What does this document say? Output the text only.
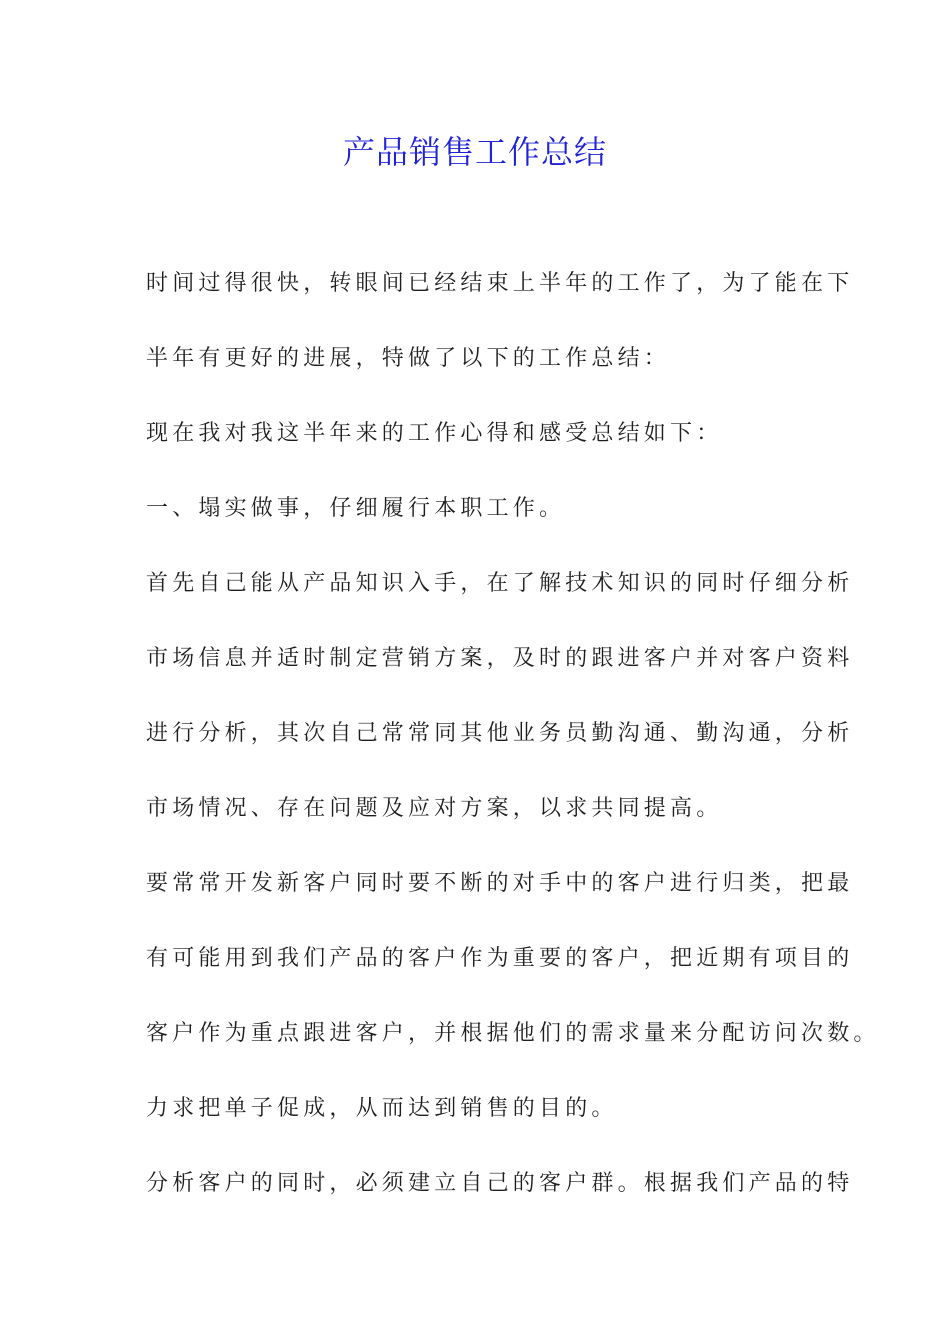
产品销售工作总结
时间过得很快，转眼间已经结束上半年的工作了，为了能在下
半年有更好的进展，特做了以下的工作总结：
现在我对我这半年来的工作心得和感受总结如下：
一、塌实做事，仔细履行本职工作。
首先自己能从产品知识入手，在了解技术知识的同时仔细分析
市场信息并适时制定营销方案，及时的跟进客户并对客户资料
进行分析，其次自己常常同其他业务员勤沟通、勤沟通，分析
市场情况、存在问题及应对方案，以求共同提高。
要常常开发新客户同时要不断的对手中的客户进行归类，把最
有可能用到我们产品的客户作为重要的客户，把近期有项目的
客户作为重点跟进客户，并根据他们的需求量来分配访问次数。
力求把单子促成，从而达到销售的目的。
分析客户的同时，必须建立自己的客户群。根据我们产品的特
